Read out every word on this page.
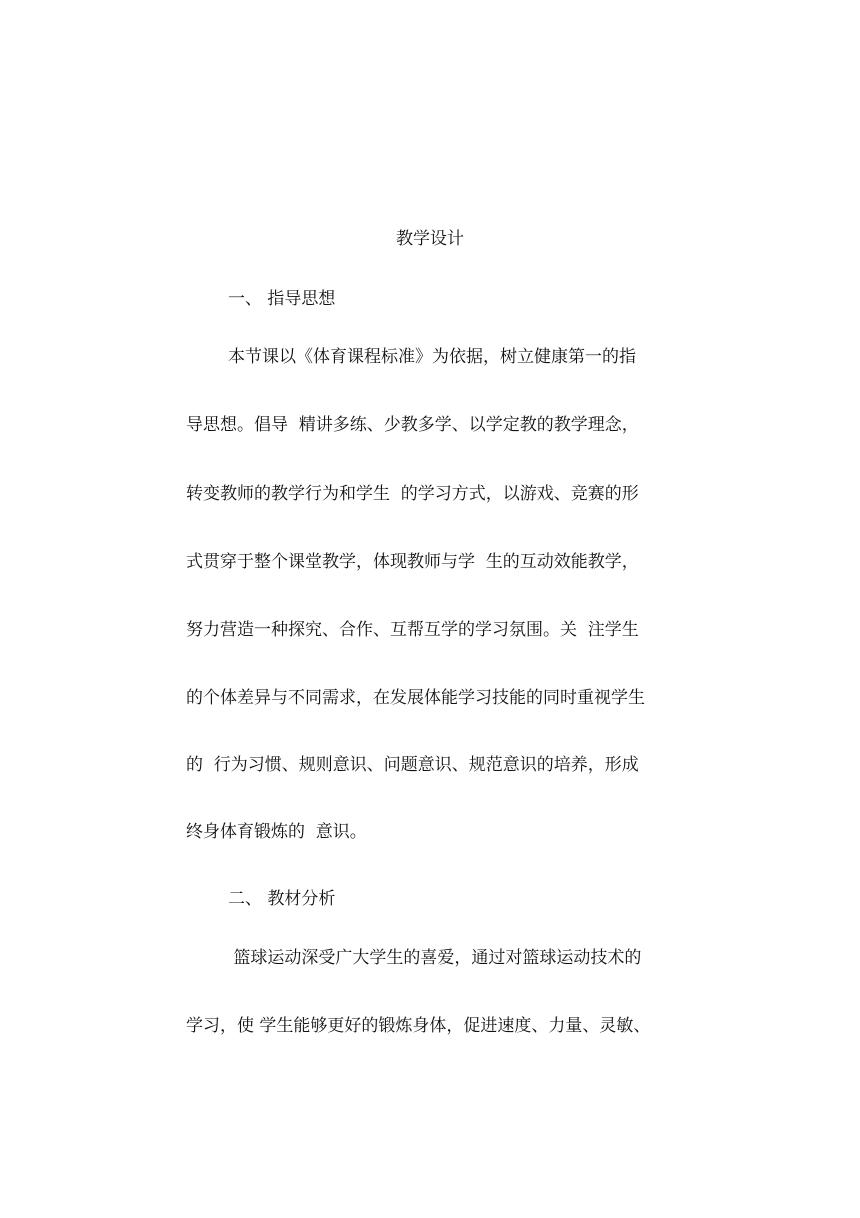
教学设计
一、 指导思想
本节课以《体育课程标准》为依据，树立健康第一的指
导思想。倡导  精讲多练、少教多学、以学定教的教学理念，
转变教师的教学行为和学生  的学习方式，以游戏、竞赛的形
式贯穿于整个课堂教学，体现教师与学  生的互动效能教学，
努力营造一种探究、合作、互帮互学的学习氛围。关  注学生
的个体差异与不同需求，在发展体能学习技能的同时重视学生
的  行为习惯、规则意识、问题意识、规范意识的培养，形成
终身体育锻炼的  意识。
二、 教材分析
篮球运动深受广大学生的喜爱，通过对篮球运动技术的
学习，使 学生能够更好的锻炼身体，促进速度、力量、灵敏、
